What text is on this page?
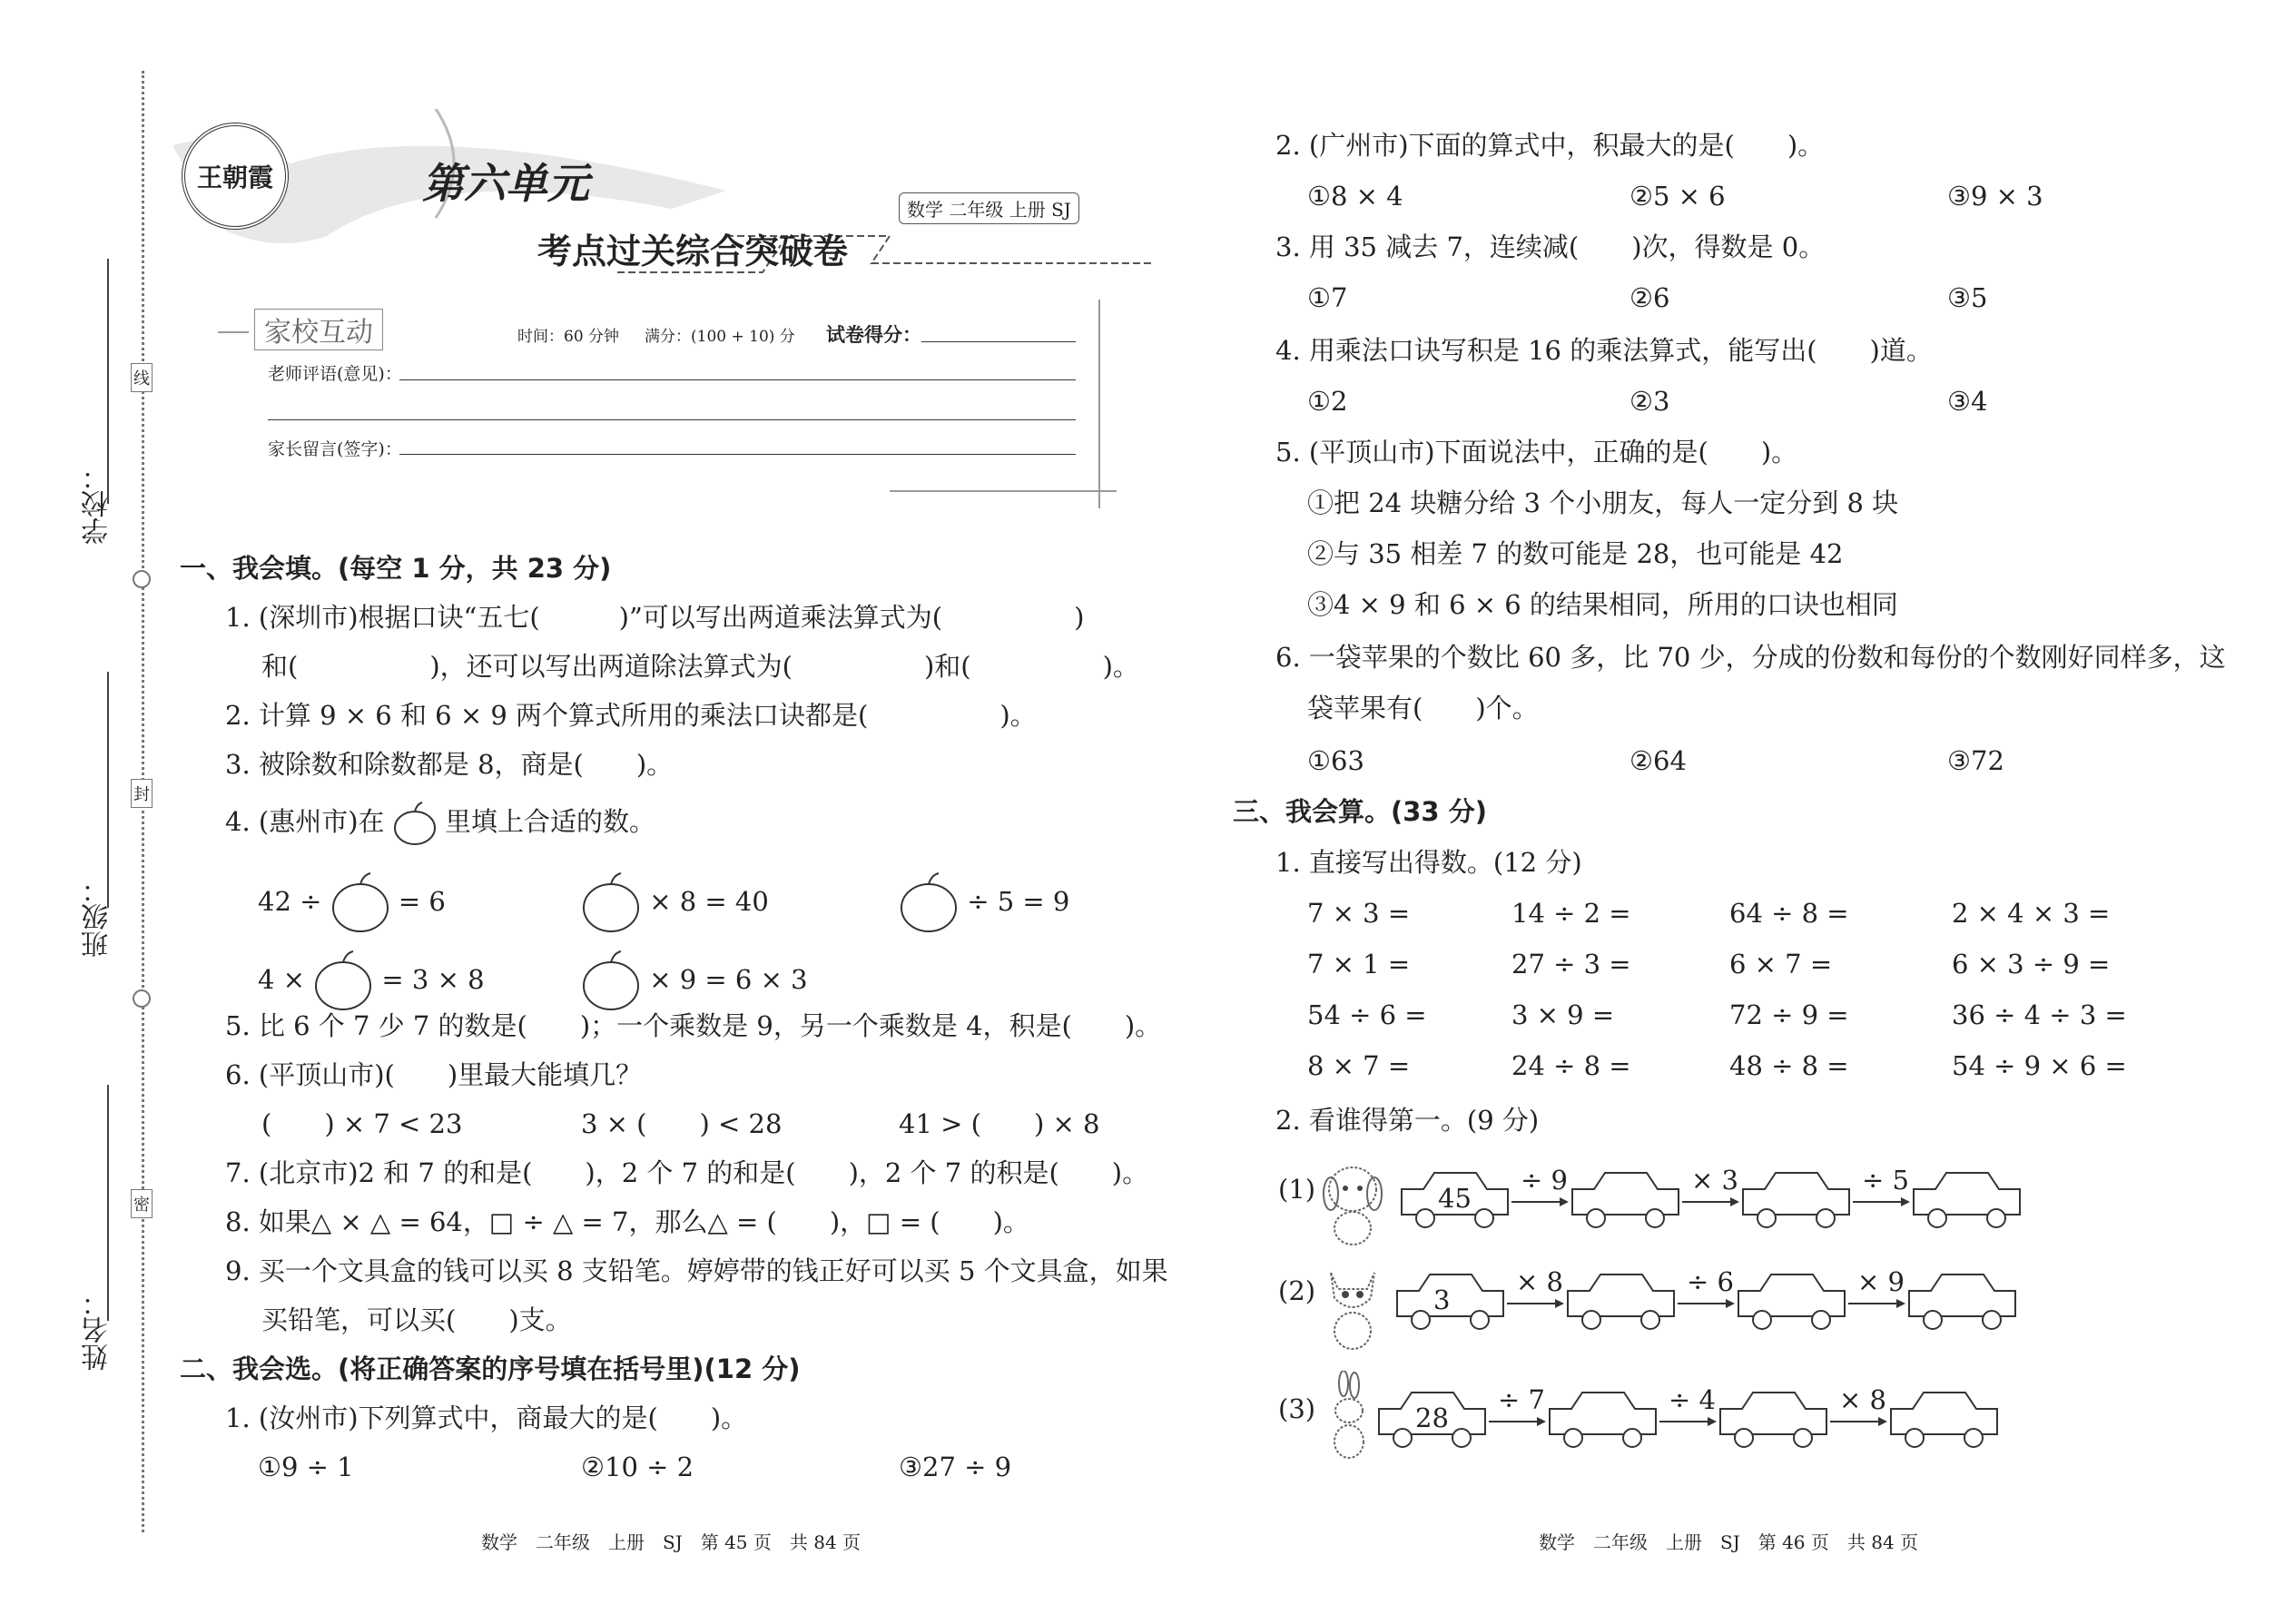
学校：
班级：
姓名：
线
封
密
王朝霞	第六单元
考点过关综合突破卷
数学 二年级 上册 SJ
家校互动	时间：60 分钟 满分：(100 + 10) 分 试卷得分：
老师评语(意见)：
家长留言(签字)：
一、我会填。(每空 1 分，共 23 分)
1. (深圳市)根据口诀“五七(　　　)”可以写出两道乘法算式为(　　　　　)
和(　　　　　)，还可以写出两道除法算式为(　　　　　)和(　　　　　)。
2. 计算 9 × 6 和 6 × 9 两个算式所用的乘法口诀都是(　　　　　)。
3. 被除数和除数都是 8，商是(　　)。
4. (惠州市)在 里填上合适的数。
42 ÷	= 6	× 8 = 40	÷ 5 = 9
4 ×	= 3 × 8	× 9 = 6 × 3
5. 比 6 个 7 少 7 的数是(　　)；一个乘数是 9，另一个乘数是 4，积是(　　)。
6. (平顶山市)(　　)里最大能填几？
(　　) × 7 < 23	3 × (　　) < 28	41 > (　　) × 8
7. (北京市)2 和 7 的和是(　　)，2 个 7 的和是(　　)，2 个 7 的积是(　　)。
8. 如果△ × △ = 64，□ ÷ △ = 7，那么△ = (　　)，□ = (　　)。
9. 买一个文具盒的钱可以买 8 支铅笔。婷婷带的钱正好可以买 5 个文具盒，如果
买铅笔，可以买(　　)支。
二、我会选。(将正确答案的序号填在括号里)(12 分)
1. (汝州市)下列算式中，商最大的是(　　)。
①9 ÷ 1	②10 ÷ 2	③27 ÷ 9
数学　二年级　上册　SJ　第 45 页　共 84 页
2. (广州市)下面的算式中，积最大的是(　　)。
①8 × 4	②5 × 6	③9 × 3
3. 用 35 减去 7，连续减(　　)次，得数是 0。
①7	②6	③5
4. 用乘法口诀写积是 16 的乘法算式，能写出(　　)道。
①2	②3	③4
5. (平顶山市)下面说法中，正确的是(　　)。
①把 24 块糖分给 3 个小朋友，每人一定分到 8 块
②与 35 相差 7 的数可能是 28，也可能是 42
③4 × 9 和 6 × 6 的结果相同，所用的口诀也相同
6. 一袋苹果的个数比 60 多，比 70 少，分成的份数和每份的个数刚好同样多，这
袋苹果有(　　)个。
①63	②64	③72
三、我会算。(33 分)
1. 直接写出得数。(12 分)
7 × 3 =	14 ÷ 2 =	64 ÷ 8 =	2 × 4 × 3 =
7 × 1 =	27 ÷ 3 =	6 × 7 =	6 × 3 ÷ 9 =
54 ÷ 6 =	3 × 9 =	72 ÷ 9 =	36 ÷ 4 ÷ 3 =
8 × 7 =	24 ÷ 8 =	48 ÷ 8 =	54 ÷ 9 × 6 =
2. 看谁得第一。(9 分)
(1)	45
÷ 9	× 3	÷ 5
(2)	3
× 8	÷ 6	× 9
(3)	28
÷ 7	÷ 4	× 8
数学　二年级　上册　SJ　第 46 页　共 84 页
